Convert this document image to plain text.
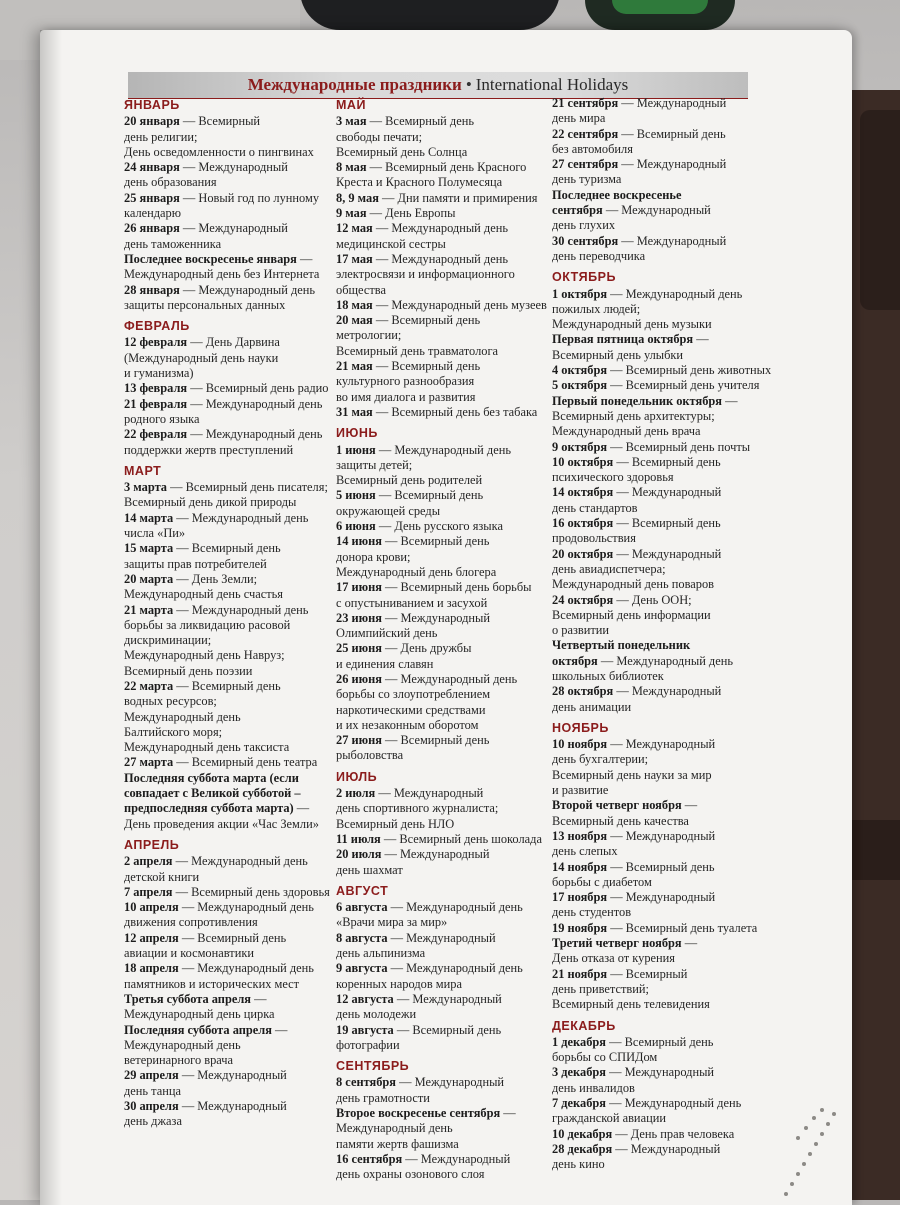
Международные праздники • International Holidays
ЯНВАРЬ
20 января — Всемирный
день религии;
День осведомленности о пингвинах
24 января — Международный
день образования
25 января — Новый год по лунному
календарю
26 января — Международный
день таможенника
Последнее воскресенье января —
Международный день без Интернета
28 января — Международный день
защиты персональных данных
ФЕВРАЛЬ
12 февраля — День Дарвина
(Международный день науки
и гуманизма)
13 февраля — Всемирный день радио
21 февраля — Международный день
родного языка
22 февраля — Международный день
поддержки жертв преступлений
МАРТ
3 марта — Всемирный день писателя;
Всемирный день дикой природы
14 марта — Международный день
числа «Пи»
15 марта — Всемирный день
защиты прав потребителей
20 марта — День Земли;
Международный день счастья
21 марта — Международный день
борьбы за ликвидацию расовой
дискриминации;
Международный день Навруз;
Всемирный день поэзии
22 марта — Всемирный день
водных ресурсов;
Международный день
Балтийского моря;
Международный день таксиста
27 марта — Всемирный день театра
Последняя суббота марта (если
совпадает с Великой субботой –
предпоследняя суббота марта) —
День проведения акции «Час Земли»
АПРЕЛЬ
2 апреля — Международный день
детской книги
7 апреля — Всемирный день здоровья
10 апреля — Международный день
движения сопротивления
12 апреля — Всемирный день
авиации и космонавтики
18 апреля — Международный день
памятников и исторических мест
Третья суббота апреля —
Международный день цирка
Последняя суббота апреля —
Международный день
ветеринарного врача
29 апреля — Международный
день танца
30 апреля — Международный
день джаза
МАЙ
3 мая — Всемирный день
свободы печати;
Всемирный день Солнца
8 мая — Всемирный день Красного
Креста и Красного Полумесяца
8, 9 мая — Дни памяти и примирения
9 мая — День Европы
12 мая — Международный день
медицинской сестры
17 мая — Международный день
электросвязи и информационного
общества
18 мая — Международный день музеев
20 мая — Всемирный день
метрологии;
Всемирный день травматолога
21 мая — Всемирный день
культурного разнообразия
во имя диалога и развития
31 мая — Всемирный день без табака
ИЮНЬ
1 июня — Международный день
защиты детей;
Всемирный день родителей
5 июня — Всемирный день
окружающей среды
6 июня — День русского языка
14 июня — Всемирный день
донора крови;
Международный день блогера
17 июня — Всемирный день борьбы
с опустыниванием и засухой
23 июня — Международный
Олимпийский день
25 июня — День дружбы
и единения славян
26 июня — Международный день
борьбы со злоупотреблением
наркотическими средствами
и их незаконным оборотом
27 июня — Всемирный день
рыболовства
ИЮЛЬ
2 июля — Международный
день спортивного журналиста;
Всемирный день НЛО
11 июля — Всемирный день шоколада
20 июля — Международный
день шахмат
АВГУСТ
6 августа — Международный день
«Врачи мира за мир»
8 августа — Международный
день альпинизма
9 августа — Международный день
коренных народов мира
12 августа — Международный
день молодежи
19 августа — Всемирный день
фотографии
СЕНТЯБРЬ
8 сентября — Международный
день грамотности
Второе воскресенье сентября —
Международный день
памяти жертв фашизма
16 сентября — Международный
день охраны озонового слоя
21 сентября — Международный
день мира
22 сентября — Всемирный день
без автомобиля
27 сентября — Международный
день туризма
Последнее воскресенье
сентября — Международный
день глухих
30 сентября — Международный
день переводчика
ОКТЯБРЬ
1 октября — Международный день
пожилых людей;
Международный день музыки
Первая пятница октября —
Всемирный день улыбки
4 октября — Всемирный день животных
5 октября — Всемирный день учителя
Первый понедельник октября —
Всемирный день архитектуры;
Международный день врача
9 октября — Всемирный день почты
10 октября — Всемирный день
психического здоровья
14 октября — Международный
день стандартов
16 октября — Всемирный день
продовольствия
20 октября — Международный
день авиадиспетчера;
Международный день поваров
24 октября — День ООН;
Всемирный день информации
о развитии
Четвертый понедельник
октября — Международный день
школьных библиотек
28 октября — Международный
день анимации
НОЯБРЬ
10 ноября — Международный
день бухгалтерии;
Всемирный день науки за мир
и развитие
Второй четверг ноября —
Всемирный день качества
13 ноября — Международный
день слепых
14 ноября — Всемирный день
борьбы с диабетом
17 ноября — Международный
день студентов
19 ноября — Всемирный день туалета
Третий четверг ноября —
День отказа от курения
21 ноября — Всемирный
день приветствий;
Всемирный день телевидения
ДЕКАБРЬ
1 декабря — Всемирный день
борьбы со СПИДом
3 декабря — Международный
день инвалидов
7 декабря — Международный день
гражданской авиации
10 декабря — День прав человека
28 декабря — Международный
день кино
